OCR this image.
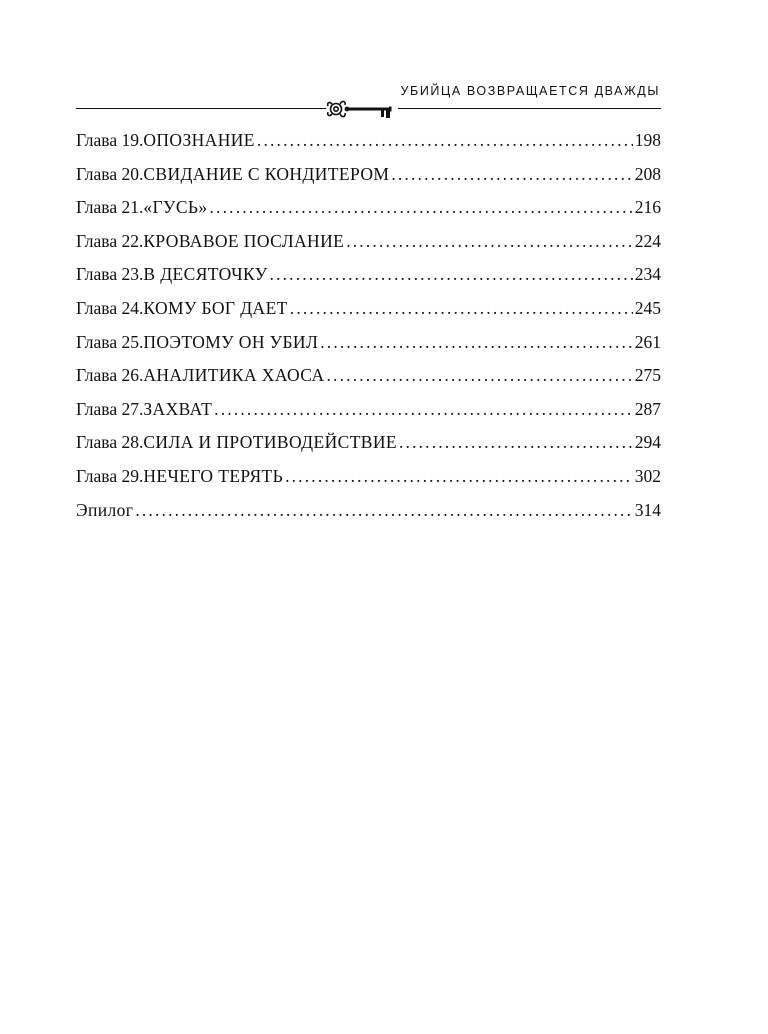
УБИЙЦА ВОЗВРАЩАЕТСЯ ДВАЖДЫ
Глава 19. ОПОЗНАНИЕ . . .	198
Глава 20. СВИДАНИЕ С КОНДИТЕРОМ . . .	208
Глава 21. «ГУСЬ» . . .	216
Глава 22. КРОВАВОЕ ПОСЛАНИЕ . . .	224
Глава 23. В ДЕСЯТОЧКУ . . .	234
Глава 24. КОМУ БОГ ДАЕТ . . .	245
Глава 25. ПОЭТОМУ ОН УБИЛ . . .	261
Глава 26. АНАЛИТИКА ХАОСА . . .	275
Глава 27. ЗАХВАТ . . .	287
Глава 28. СИЛА И ПРОТИВОДЕЙСТВИЕ . . .	294
Глава 29. НЕЧЕГО ТЕРЯТЬ . . .	302
Эпилог . . .	314
